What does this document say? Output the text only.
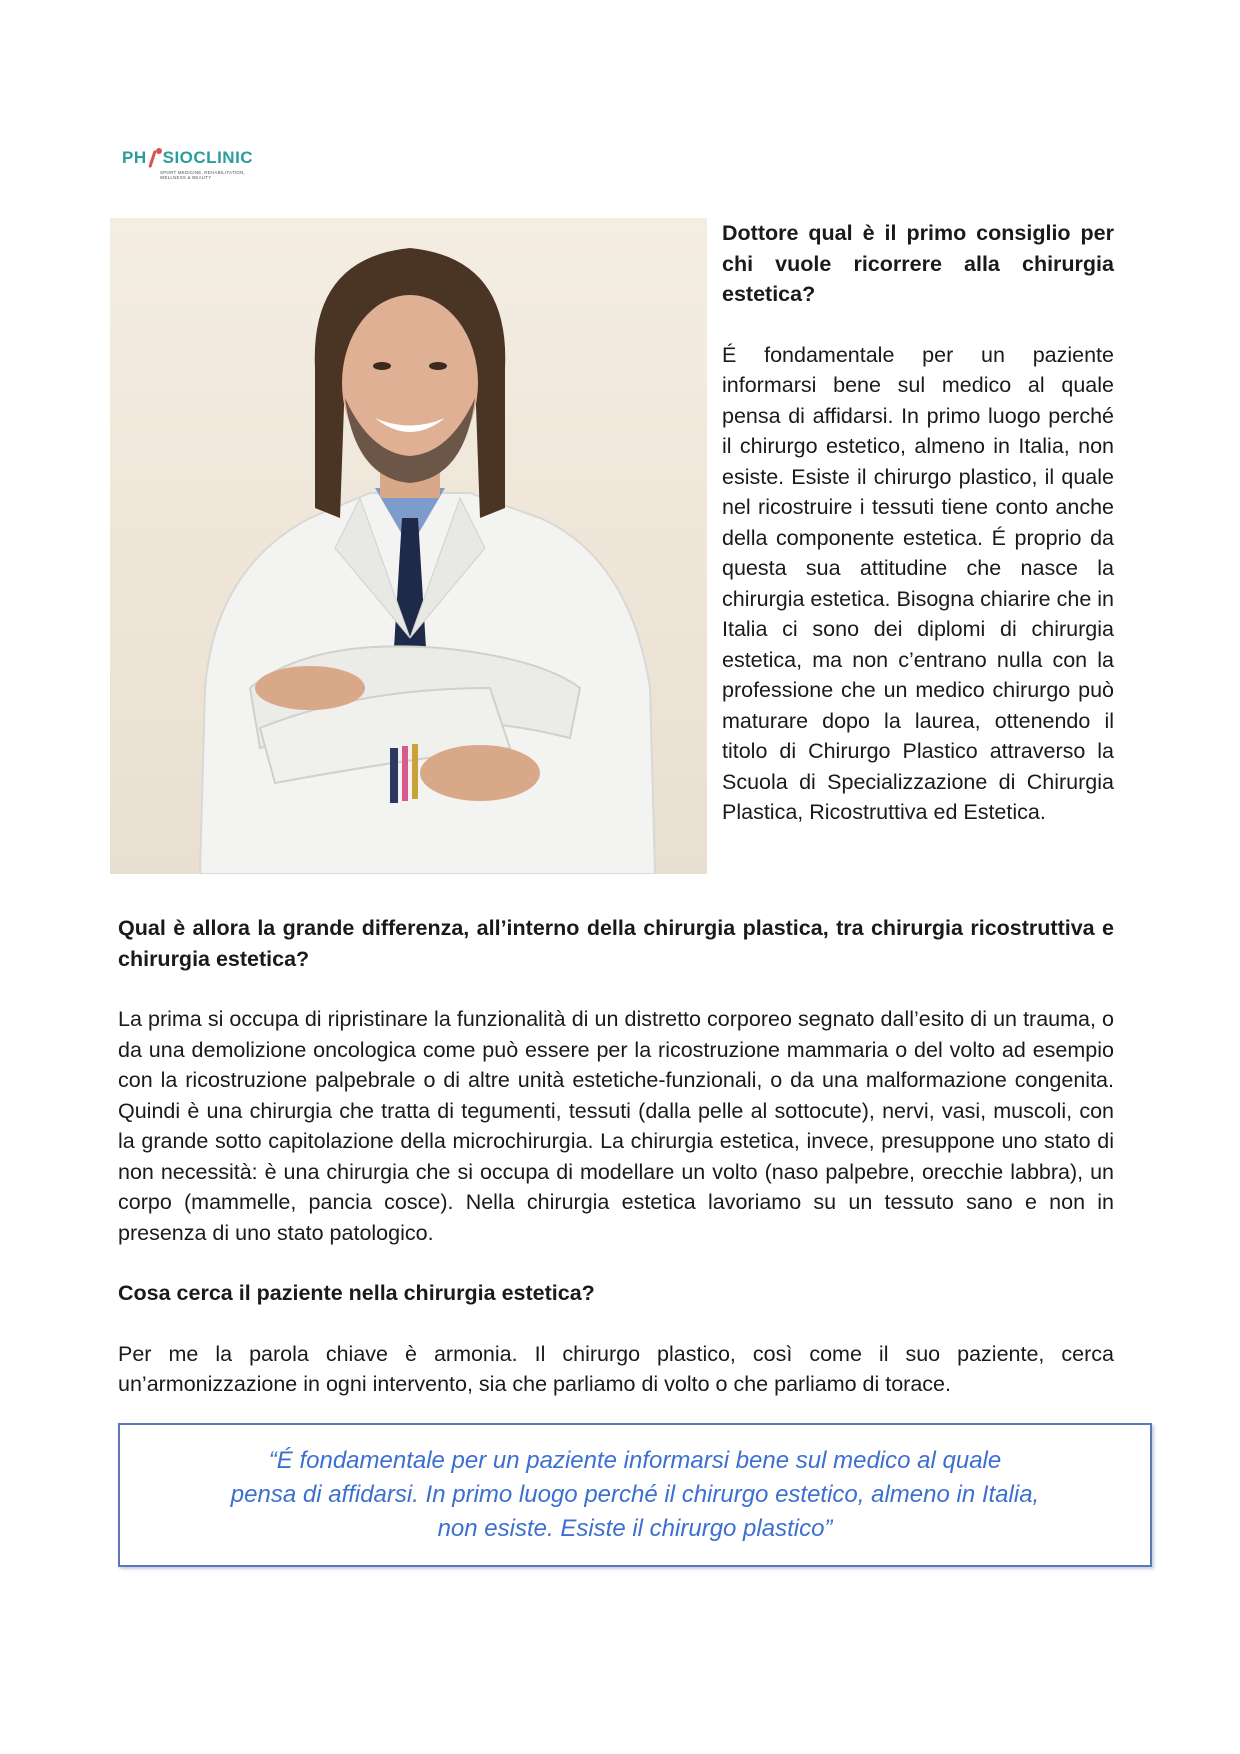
PH SIOCLINIC
SPORT MEDICINE, REHABILITATION, WELLNESS & BEAUTY

Dottore qual è il primo consiglio per chi vuole ricorrere alla chirurgia estetica?

É fondamentale per un paziente informarsi bene sul medico al quale pensa di affidarsi. In primo luogo perché il chirurgo estetico, almeno in Italia, non esiste. Esiste il chirurgo plastico, il quale nel ricostruire i tessuti tiene conto anche della componente estetica. É proprio da questa sua attitudine che nasce la chirurgia estetica. Bisogna chiarire che in Italia ci sono dei diplomi di chirurgia estetica, ma non c’entrano nulla con la professione che un medico chirurgo può maturare dopo la laurea, ottenendo il titolo di Chirurgo Plastico attraverso la Scuola di Specializzazione di Chirurgia Plastica, Ricostruttiva ed Estetica.

Qual è allora la grande differenza, all’interno della chirurgia plastica, tra chirurgia ricostruttiva e chirurgia estetica?

La prima si occupa di ripristinare la funzionalità di un distretto corporeo segnato dall’esito di un trauma, o da una demolizione oncologica come può essere per la ricostruzione mammaria o del volto ad esempio con la ricostruzione palpebrale o di altre unità estetiche-funzionali, o da una malformazione congenita. Quindi è una chirurgia che tratta di tegumenti, tessuti (dalla pelle al sottocute), nervi, vasi, muscoli, con la grande sotto capitolazione della microchirurgia. La chirurgia estetica, invece, presuppone uno stato di non necessità: è una chirurgia che si occupa di modellare un volto (naso palpebre, orecchie labbra), un corpo (mammelle, pancia cosce). Nella chirurgia estetica lavoriamo su un tessuto sano e non in presenza di uno stato patologico.

Cosa cerca il paziente nella chirurgia estetica?

Per me la parola chiave è armonia. Il chirurgo plastico, così come il suo paziente, cerca un’armonizzazione in ogni intervento, sia che parliamo di volto o che parliamo di torace.

“É fondamentale per un paziente informarsi bene sul medico al quale
pensa di affidarsi. In primo luogo perché il chirurgo estetico, almeno in Italia,
non esiste. Esiste il chirurgo plastico”
